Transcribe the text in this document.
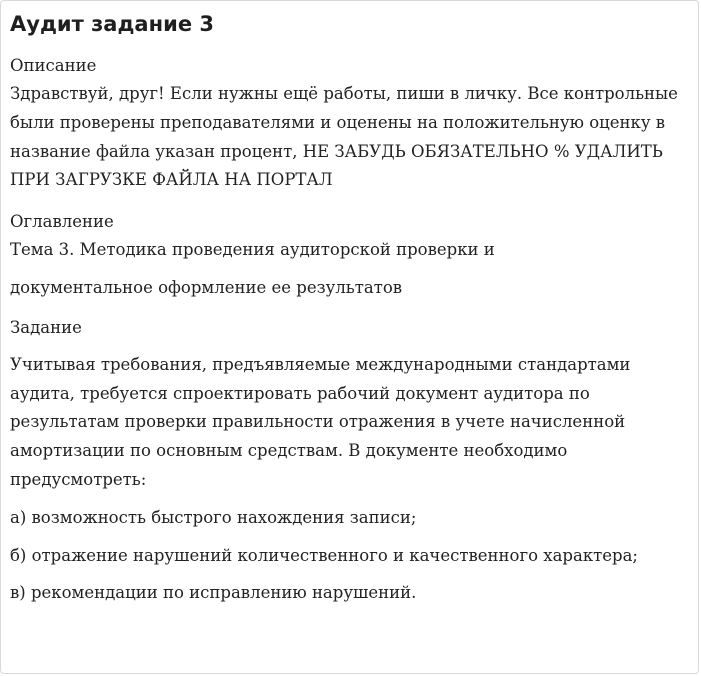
Аудит задание 3
Описание

Здравствуй, друг! Если нужны ещё работы, пиши в личку. Все контрольные были проверены преподавателями и оценены на положительную оценку в название файла указан процент, НЕ ЗАБУДЬ ОБЯЗАТЕЛЬНО % УДАЛИТЬ ПРИ ЗАГРУЗКЕ ФАЙЛА НА ПОРТАЛ

Оглавление

Тема 3. Методика проведения аудиторской проверки и

документальное оформление ее результатов

Задание

Учитывая требования, предъявляемые международными стандартами аудита, требуется спроектировать рабочий документ аудитора по результатам проверки правильности отражения в учете начисленной амортизации по основным средствам. В документе необходимо предусмотреть:

а) возможность быстрого нахождения записи;

б) отражение нарушений количественного и качественного характера;

в) рекомендации по исправлению нарушений.
